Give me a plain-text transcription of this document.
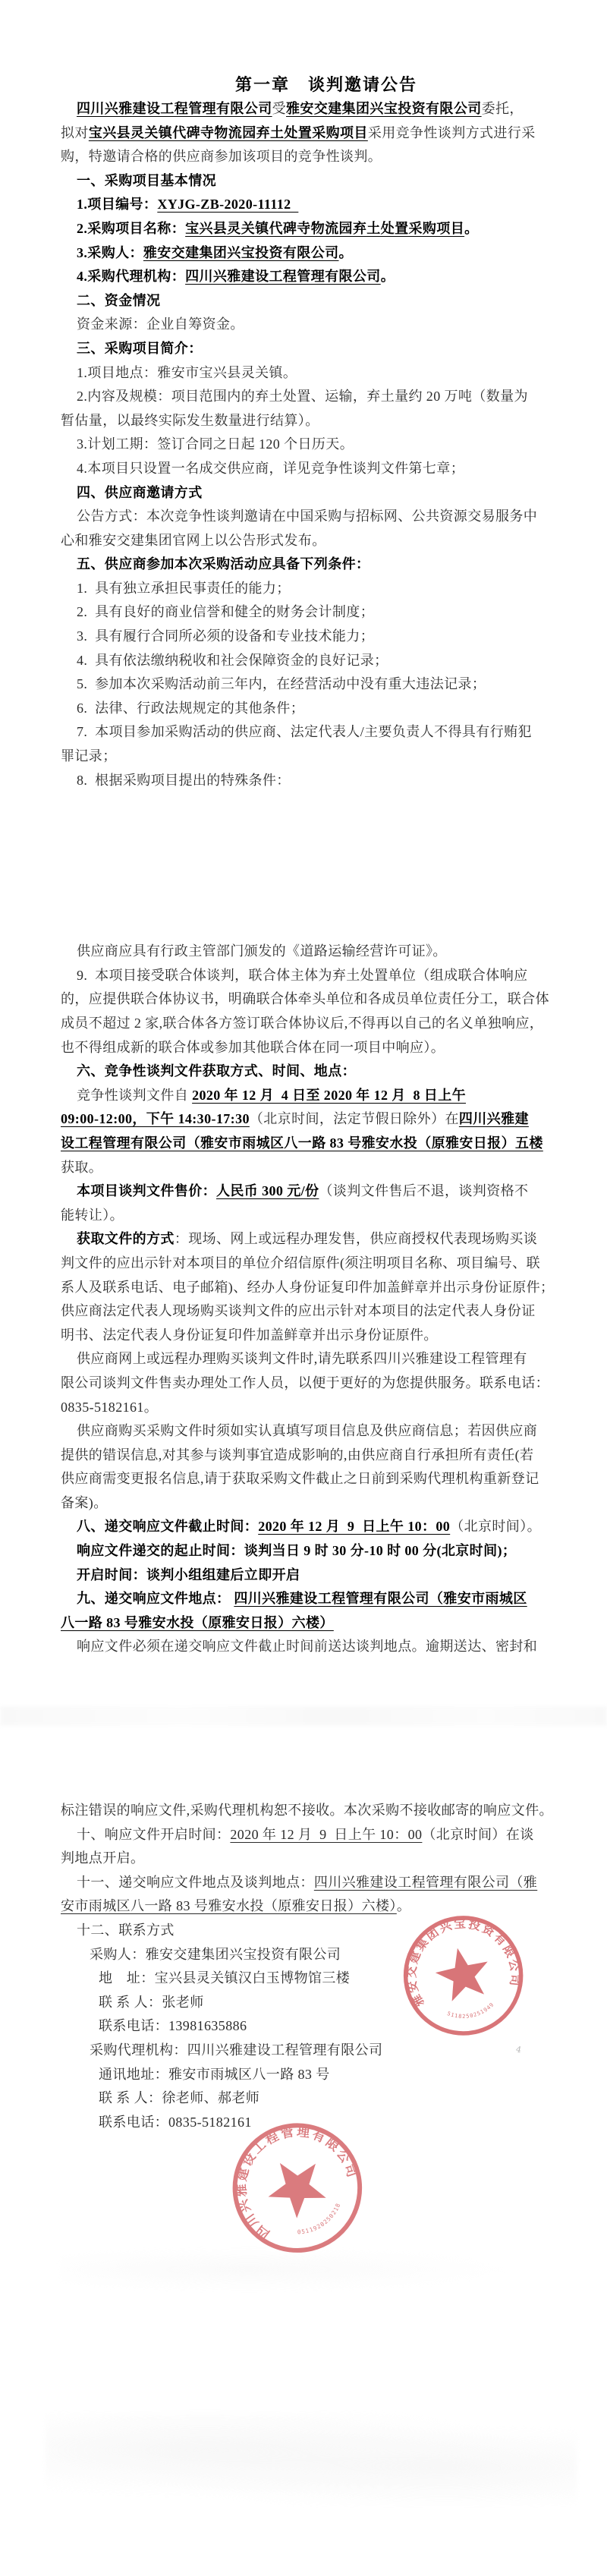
第一章　谈判邀请公告
四川兴雅建设工程管理有限公司受雅安交建集团兴宝投资有限公司委托，
拟对宝兴县灵关镇代碑寺物流园弃土处置采购项目采用竞争性谈判方式进行采
购，特邀请合格的供应商参加该项目的竞争性谈判。
一、采购项目基本情况
1.项目编号：XYJG-ZB-2020-11112
2.采购项目名称：宝兴县灵关镇代碑寺物流园弃土处置采购项目。
3.采购人：雅安交建集团兴宝投资有限公司。
4.采购代理机构：四川兴雅建设工程管理有限公司。
二、资金情况
资金来源：企业自筹资金。
三、采购项目简介：
1.项目地点：雅安市宝兴县灵关镇。
2.内容及规模：项目范围内的弃土处置、运输，弃土量约 20 万吨（数量为
暂估量，以最终实际发生数量进行结算）。
3.计划工期：签订合同之日起 120 个日历天。
4.本项目只设置一名成交供应商，详见竞争性谈判文件第七章；
四、供应商邀请方式
公告方式：本次竞争性谈判邀请在中国采购与招标网、公共资源交易服务中
心和雅安交建集团官网上以公告形式发布。
五、供应商参加本次采购活动应具备下列条件：
1.  具有独立承担民事责任的能力；
2.  具有良好的商业信誉和健全的财务会计制度；
3.  具有履行合同所必须的设备和专业技术能力；
4.  具有依法缴纳税收和社会保障资金的良好记录；
5.  参加本次采购活动前三年内，在经营活动中没有重大违法记录；
6.  法律、行政法规规定的其他条件；
7.  本项目参加采购活动的供应商、法定代表人/主要负责人不得具有行贿犯
罪记录；
8.  根据采购项目提出的特殊条件：
供应商应具有行政主管部门颁发的《道路运输经营许可证》。
9.  本项目接受联合体谈判，联合体主体为弃土处置单位（组成联合体响应
的，应提供联合体协议书，明确联合体牵头单位和各成员单位责任分工，联合体
成员不超过 2 家,联合体各方签订联合体协议后,不得再以自己的名义单独响应，
也不得组成新的联合体或参加其他联合体在同一项目中响应）。
六、竞争性谈判文件获取方式、时间、地点：
竞争性谈判文件自 2020 年 12 月  4 日至 2020 年 12 月  8 日上午
09:00-12:00，下午 14:30-17:30（北京时间，法定节假日除外）在四川兴雅建
设工程管理有限公司（雅安市雨城区八一路 83 号雅安水投（原雅安日报）五楼
获取。
本项目谈判文件售价：人民币 300 元/份（谈判文件售后不退，谈判资格不
能转让）。
获取文件的方式：现场、网上或远程办理发售，供应商授权代表现场购买谈
判文件的应出示针对本项目的单位介绍信原件(须注明项目名称、项目编号、联
系人及联系电话、电子邮箱)、经办人身份证复印件加盖鲜章并出示身份证原件；
供应商法定代表人现场购买谈判文件的应出示针对本项目的法定代表人身份证
明书、法定代表人身份证复印件加盖鲜章并出示身份证原件。
供应商网上或远程办理购买谈判文件时,请先联系四川兴雅建设工程管理有
限公司谈判文件售卖办理处工作人员，以便于更好的为您提供服务。联系电话：
0835-5182161。
供应商购买采购文件时须如实认真填写项目信息及供应商信息；若因供应商
提供的错误信息,对其参与谈判事宜造成影响的,由供应商自行承担所有责任(若
供应商需变更报名信息,请于获取采购文件截止之日前到采购代理机构重新登记
备案)。
八、递交响应文件截止时间：2020 年 12 月  9  日上午 10：00（北京时间）。
响应文件递交的起止时间：谈判当日 9 时 30 分-10 时 00 分(北京时间)；
开启时间：谈判小组组建后立即开启
九、递交响应文件地点： 四川兴雅建设工程管理有限公司（雅安市雨城区
八一路 83 号雅安水投（原雅安日报）六楼）
响应文件必须在递交响应文件截止时间前送达谈判地点。逾期送达、密封和
标注错误的响应文件,采购代理机构恕不接收。本次采购不接收邮寄的响应文件。
十、响应文件开启时间：2020 年 12 月  9  日上午 10：00（北京时间）在谈
判地点开启。
十一、递交响应文件地点及谈判地点：四川兴雅建设工程管理有限公司（雅
安市雨城区八一路 83 号雅安水投（原雅安日报）六楼）。
十二、联系方式
采购人：雅安交建集团兴宝投资有限公司
地　址：宝兴县灵关镇汉白玉博物馆三楼
联 系 人：张老师
联系电话：13981635886
采购代理机构：四川兴雅建设工程管理有限公司
通讯地址：雅安市雨城区八一路 83 号
联 系 人：徐老师、郝老师
联系电话：0835-5182161
雅安交建集团兴宝投资有限公司
5118250251949
四川兴雅建设工程管理有限公司
0511920250218
4
